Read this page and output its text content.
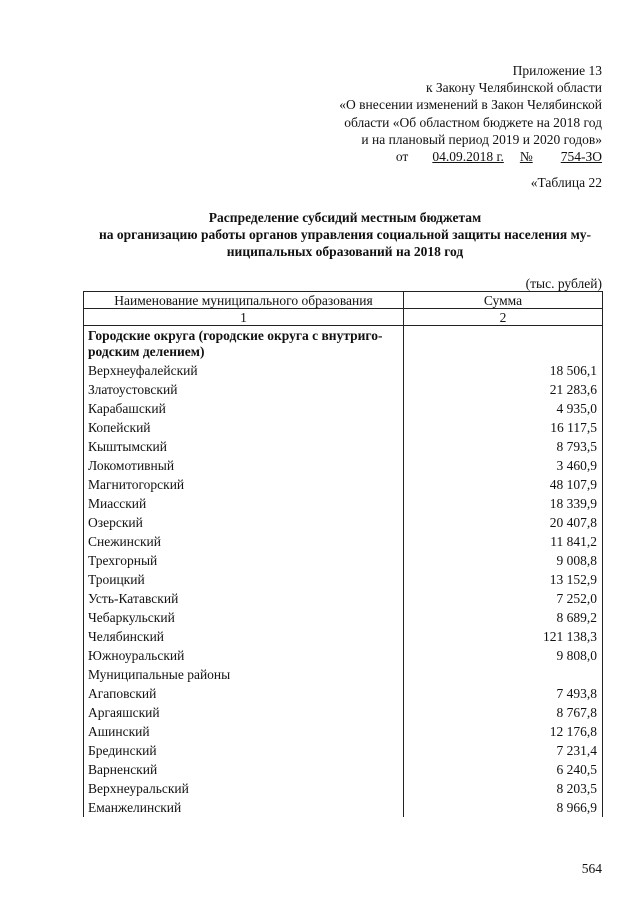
Приложение 13
к Закону Челябинской области
«О внесении изменений в Закон Челябинской
области «Об областном бюджете на 2018 год
и на плановый период 2019 и 2020 годов»
от 04.09.2018 г. № 754-ЗО
«Таблица 22
Распределение субсидий местным бюджетам
на организацию работы органов управления социальной защиты населения му-
ниципальных образований на 2018 год
(тыс. рублей)
Наименование муниципального образования	Сумма
1	2
Городские округа (городские округа с внутриго-родским делением)	
Верхнеуфалейский	18 506,1
Златоустовский	21 283,6
Карабашский	4 935,0
Копейский	16 117,5
Кыштымский	8 793,5
Локомотивный	3 460,9
Магнитогорский	48 107,9
Миасский	18 339,9
Озерский	20 407,8
Снежинский	11 841,2
Трехгорный	9 008,8
Троицкий	13 152,9
Усть-Катавский	7 252,0
Чебаркульский	8 689,2
Челябинский	121 138,3
Южноуральский	9 808,0
Муниципальные районы	
Агаповский	7 493,8
Аргаяшский	8 767,8
Ашинский	12 176,8
Брединский	7 231,4
Варненский	6 240,5
Верхнеуральский	8 203,5
Еманжелинский	8 966,9
564
